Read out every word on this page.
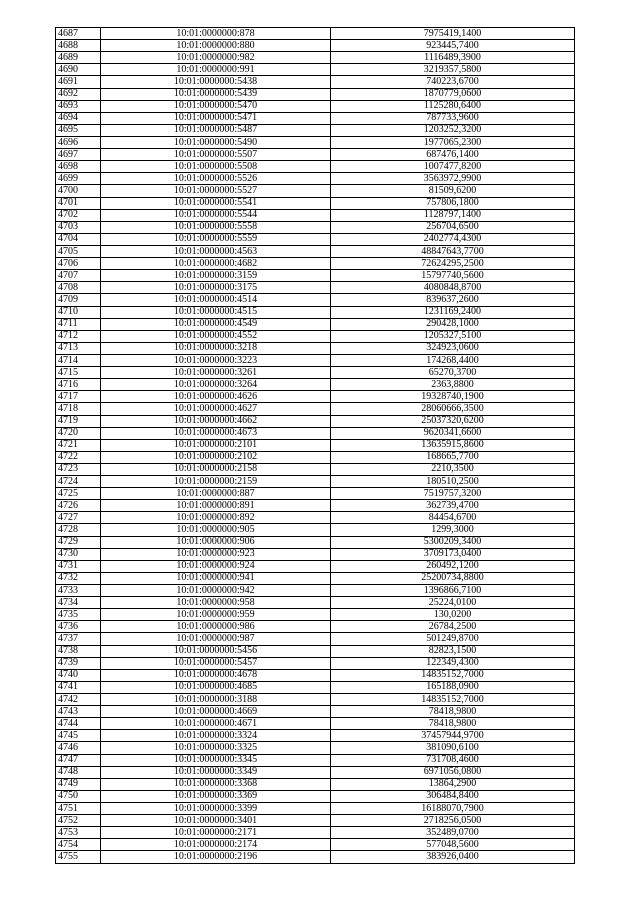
4687	10:01:0000000:878	7975419,1400
4688	10:01:0000000:880	923445,7400
4689	10:01:0000000:982	1116489,3900
4690	10:01:0000000:991	3219357,5800
4691	10:01:0000000:5438	740223,6700
4692	10:01:0000000:5439	1870779,0600
4693	10:01:0000000:5470	1125280,6400
4694	10:01:0000000:5471	787733,9600
4695	10:01:0000000:5487	1203252,3200
4696	10:01:0000000:5490	1977065,2300
4697	10:01:0000000:5507	687476,1400
4698	10:01:0000000:5508	1007477,8200
4699	10:01:0000000:5526	3563972,9900
4700	10:01:0000000:5527	81509,6200
4701	10:01:0000000:5541	757806,1800
4702	10:01:0000000:5544	1128797,1400
4703	10:01:0000000:5558	256704,6500
4704	10:01:0000000:5559	2402774,4300
4705	10:01:0000000:4563	48847643,7700
4706	10:01:0000000:4682	72624295,2500
4707	10:01:0000000:3159	15797740,5600
4708	10:01:0000000:3175	4080848,8700
4709	10:01:0000000:4514	839637,2600
4710	10:01:0000000:4515	1231169,2400
4711	10:01:0000000:4549	290428,1000
4712	10:01:0000000:4552	1205327,5100
4713	10:01:0000000:3218	324923,0600
4714	10:01:0000000:3223	174268,4400
4715	10:01:0000000:3261	65270,3700
4716	10:01:0000000:3264	2363,8800
4717	10:01:0000000:4626	19328740,1900
4718	10:01:0000000:4627	28060666,3500
4719	10:01:0000000:4662	25037320,6200
4720	10:01:0000000:4673	9620341,6600
4721	10:01:0000000:2101	13635915,8600
4722	10:01:0000000:2102	168665,7700
4723	10:01:0000000:2158	2210,3500
4724	10:01:0000000:2159	180510,2500
4725	10:01:0000000:887	7519757,3200
4726	10:01:0000000:891	362739,4700
4727	10:01:0000000:892	84454,6700
4728	10:01:0000000:905	1299,3000
4729	10:01:0000000:906	5300209,3400
4730	10:01:0000000:923	3709173,0400
4731	10:01:0000000:924	260492,1200
4732	10:01:0000000:941	25200734,8800
4733	10:01:0000000:942	1396866,7100
4734	10:01:0000000:958	25224,0100
4735	10:01:0000000:959	130,0200
4736	10:01:0000000:986	26784,2500
4737	10:01:0000000:987	501249,8700
4738	10:01:0000000:5456	82823,1500
4739	10:01:0000000:5457	122349,4300
4740	10:01:0000000:4678	14835152,7000
4741	10:01:0000000:4685	165188,0900
4742	10:01:0000000:3188	14835152,7000
4743	10:01:0000000:4669	78418,9800
4744	10:01:0000000:4671	78418,9800
4745	10:01:0000000:3324	37457944,9700
4746	10:01:0000000:3325	381090,6100
4747	10:01:0000000:3345	731708,4600
4748	10:01:0000000:3349	6971056,0800
4749	10:01:0000000:3368	13864,2900
4750	10:01:0000000:3369	306484,8400
4751	10:01:0000000:3399	16188070,7900
4752	10:01:0000000:3401	2718256,0500
4753	10:01:0000000:2171	352489,0700
4754	10:01:0000000:2174	577048,5600
4755	10:01:0000000:2196	383926,0400
